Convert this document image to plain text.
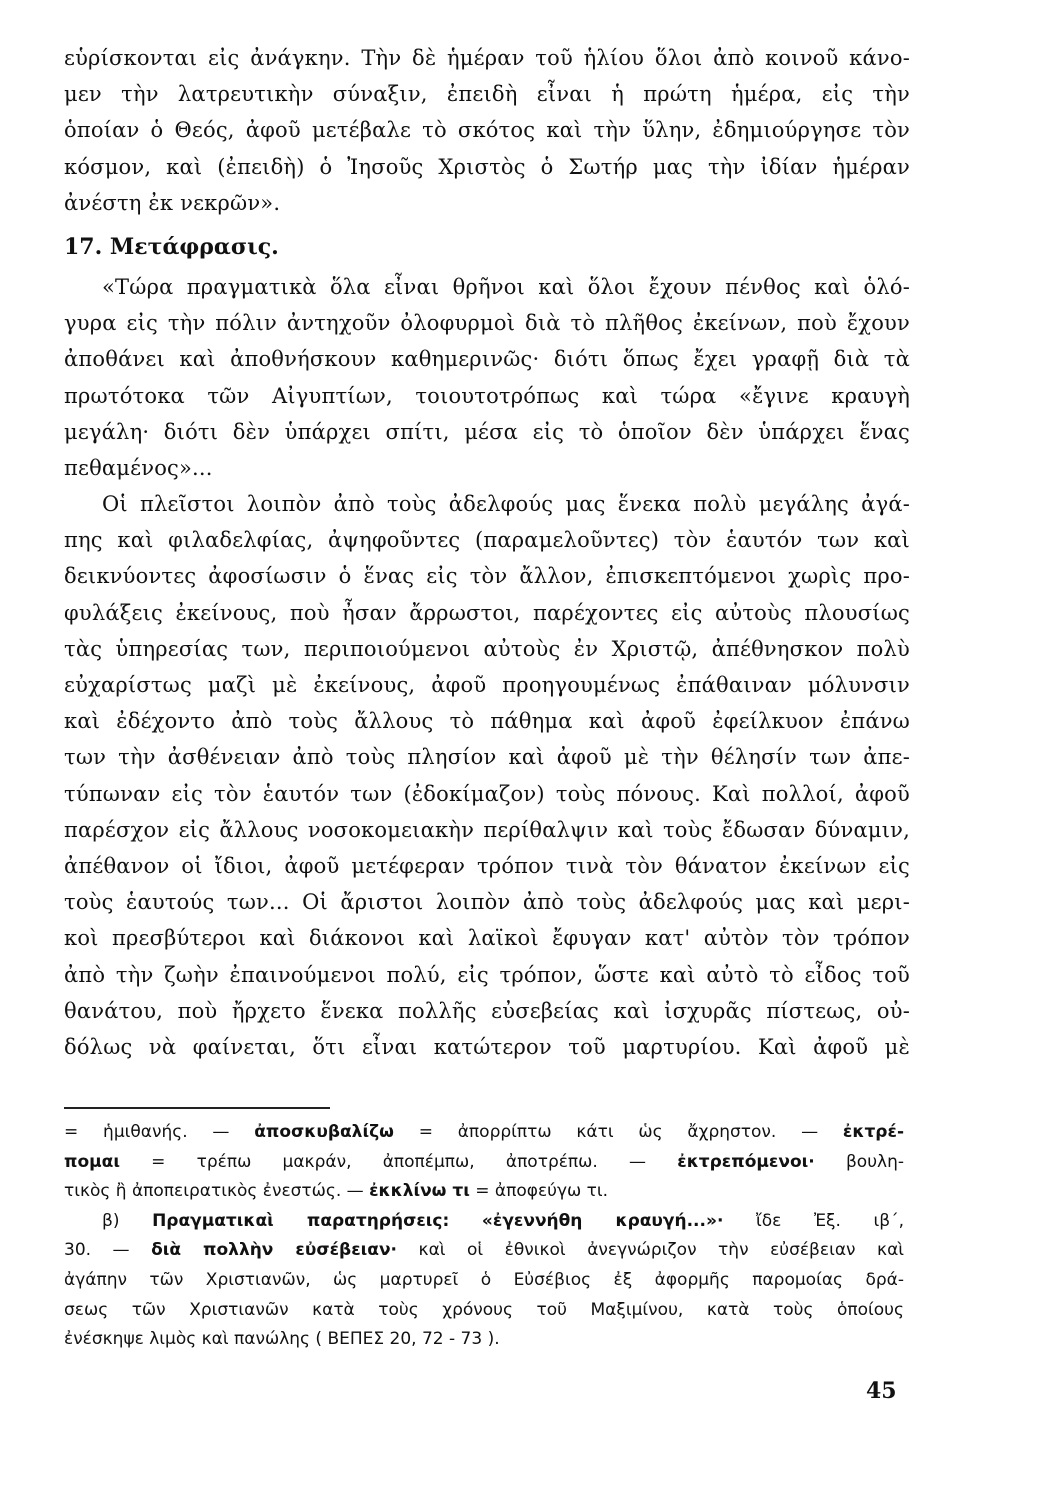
εὑρίσκονται εἰς ἀνάγκην. Τὴν δὲ ἡμέραν τοῦ ἡλίου ὅλοι ἀπὸ κοινοῦ κάνο-
μεν τὴν λατρευτικὴν σύναξιν, ἐπειδὴ εἶναι ἡ πρώτη ἡμέρα, εἰς τὴν
ὁποίαν ὁ Θεός, ἀφοῦ μετέβαλε τὸ σκότος καὶ τὴν ὕλην, ἐδημιούργησε τὸν
κόσμον, καὶ (ἐπειδὴ) ὁ Ἰησοῦς Χριστὸς ὁ Σωτήρ μας τὴν ἰδίαν ἡμέραν
ἀνέστη ἐκ νεκρῶν».
17. Μετάφρασις.
«Τώρα πραγματικὰ ὅλα εἶναι θρῆνοι καὶ ὅλοι ἔχουν πένθος καὶ ὁλό-
γυρα εἰς τὴν πόλιν ἀντηχοῦν ὀλοφυρμοὶ διὰ τὸ πλῆθος ἐκείνων, ποὺ ἔχουν
ἀποθάνει καὶ ἀποθνήσκουν καθημερινῶς· διότι ὅπως ἔχει γραφῇ διὰ τὰ
πρωτότοκα τῶν Αἰγυπτίων, τοιουτοτρόπως καὶ τώρα «ἔγινε κραυγὴ
μεγάλη· διότι δὲν ὑπάρχει σπίτι, μέσα εἰς τὸ ὁποῖον δὲν ὑπάρχει ἕνας
πεθαμένος»...
Οἱ πλεῖστοι λοιπὸν ἀπὸ τοὺς ἀδελφούς μας ἕνεκα πολὺ μεγάλης ἀγά-
πης καὶ φιλαδελφίας, ἀψηφοῦντες (παραμελοῦντες) τὸν ἑαυτόν των καὶ
δεικνύοντες ἀφοσίωσιν ὁ ἕνας εἰς τὸν ἄλλον, ἐπισκεπτόμενοι χωρὶς προ-
φυλάξεις ἐκείνους, ποὺ ἦσαν ἄρρωστοι, παρέχοντες εἰς αὐτοὺς πλουσίως
τὰς ὑπηρεσίας των, περιποιούμενοι αὐτοὺς ἐν Χριστῷ, ἀπέθνησκον πολὺ
εὐχαρίστως μαζὶ μὲ ἐκείνους, ἀφοῦ προηγουμένως ἐπάθαιναν μόλυνσιν
καὶ ἐδέχοντο ἀπὸ τοὺς ἄλλους τὸ πάθημα καὶ ἀφοῦ ἐφείλκυον ἐπάνω
των τὴν ἀσθένειαν ἀπὸ τοὺς πλησίον καὶ ἀφοῦ μὲ τὴν θέλησίν των ἀπε-
τύπωναν εἰς τὸν ἑαυτόν των (ἐδοκίμαζον) τοὺς πόνους. Καὶ πολλοί, ἀφοῦ
παρέσχον εἰς ἄλλους νοσοκομειακὴν περίθαλψιν καὶ τοὺς ἔδωσαν δύναμιν,
ἀπέθανον οἱ ἴδιοι, ἀφοῦ μετέφεραν τρόπον τινὰ τὸν θάνατον ἐκείνων εἰς
τοὺς ἑαυτούς των... Οἱ ἄριστοι λοιπὸν ἀπὸ τοὺς ἀδελφούς μας καὶ μερι-
κοὶ πρεσβύτεροι καὶ διάκονοι καὶ λαϊκοὶ ἔφυγαν κατ' αὐτὸν τὸν τρόπον
ἀπὸ τὴν ζωὴν ἐπαινούμενοι πολύ, εἰς τρόπον, ὥστε καὶ αὐτὸ τὸ εἶδος τοῦ
θανάτου, ποὺ ἤρχετο ἕνεκα πολλῆς εὐσεβείας καὶ ἰσχυρᾶς πίστεως, οὐ-
δόλως νὰ φαίνεται, ὅτι εἶναι κατώτερον τοῦ μαρτυρίου. Καὶ ἀφοῦ μὲ
= ἡμιθανής. — ἀποσκυβαλίζω = ἀπορρίπτω κάτι ὡς ἄχρηστον. — ἐκτρέ-
πομαι = τρέπω μακράν, ἀποπέμπω, ἀποτρέπω. — ἐκτρεπόμενοι· βουλη-
τικὸς ἢ ἀποπειρατικὸς ἐνεστώς. — ἐκκλίνω τι = ἀποφεύγω τι.
β) Πραγματικαὶ παρατηρήσεις: «ἐγεννήθη κραυγή...»· ἴδε Ἐξ. ιβ´,
30. — διὰ πολλὴν εὐσέβειαν· καὶ οἱ ἐθνικοὶ ἀνεγνώριζον τὴν εὐσέβειαν καὶ
ἀγάπην τῶν Χριστιανῶν, ὡς μαρτυρεῖ ὁ Εὐσέβιος ἐξ ἀφορμῆς παρομοίας δρά-
σεως τῶν Χριστιανῶν κατὰ τοὺς χρόνους τοῦ Μαξιμίνου, κατὰ τοὺς ὁποίους
ἐνέσκηψε λιμὸς καὶ πανώλης ( ΒΕΠΕΣ 20, 72 - 73 ).
45
